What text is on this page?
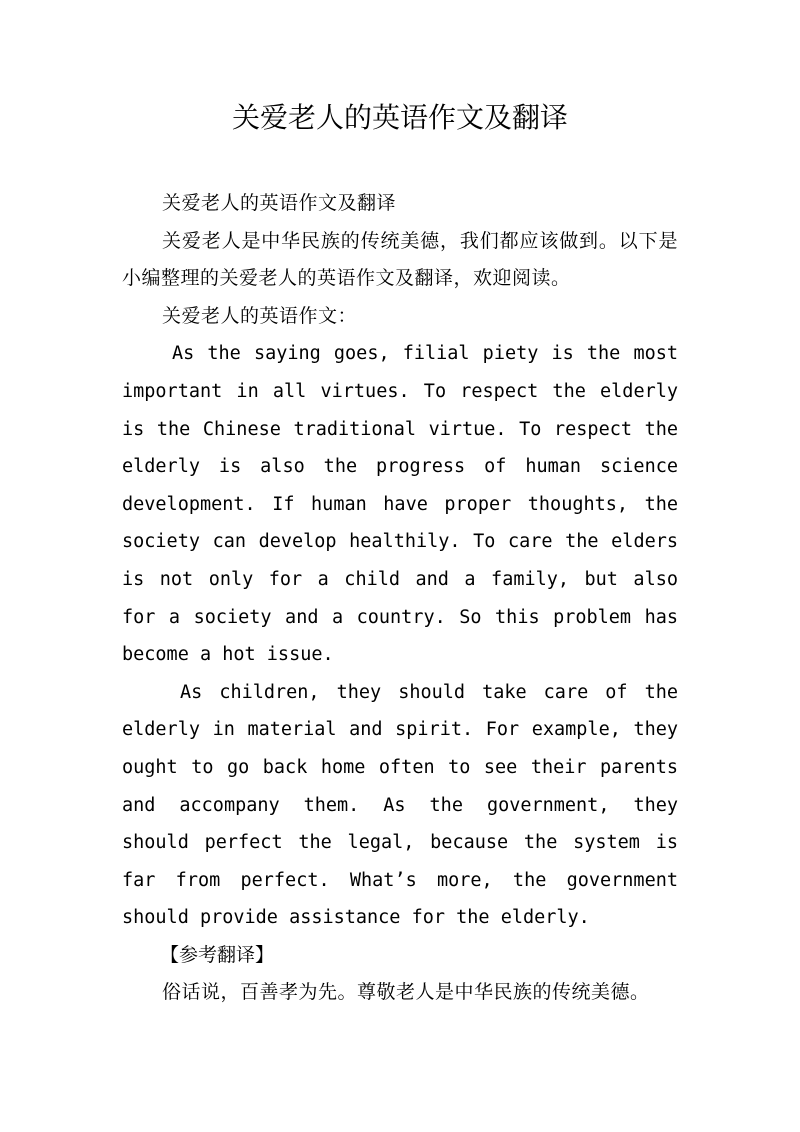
关爱老人的英语作文及翻译

关爱老人的英语作文及翻译

关爱老人是中华民族的传统美德，我们都应该做到。以下是小编整理的关爱老人的英语作文及翻译，欢迎阅读。

关爱老人的英语作文：

As the saying goes, filial piety is the most important in all virtues. To respect the elderly is the Chinese traditional virtue. To respect the elderly is also the progress of human science development. If human have proper thoughts, the society can develop healthily. To care the elders is not only for a child and a family, but also for a society and a country. So this problem has become a hot issue.

As children, they should take care of the elderly in material and spirit. For example, they ought to go back home often to see their parents and accompany them. As the government, they should perfect the legal, because the system is far from perfect. What’s more, the government should provide assistance for the elderly.

【参考翻译】

俗话说，百善孝为先。尊敬老人是中华民族的传统美德。
